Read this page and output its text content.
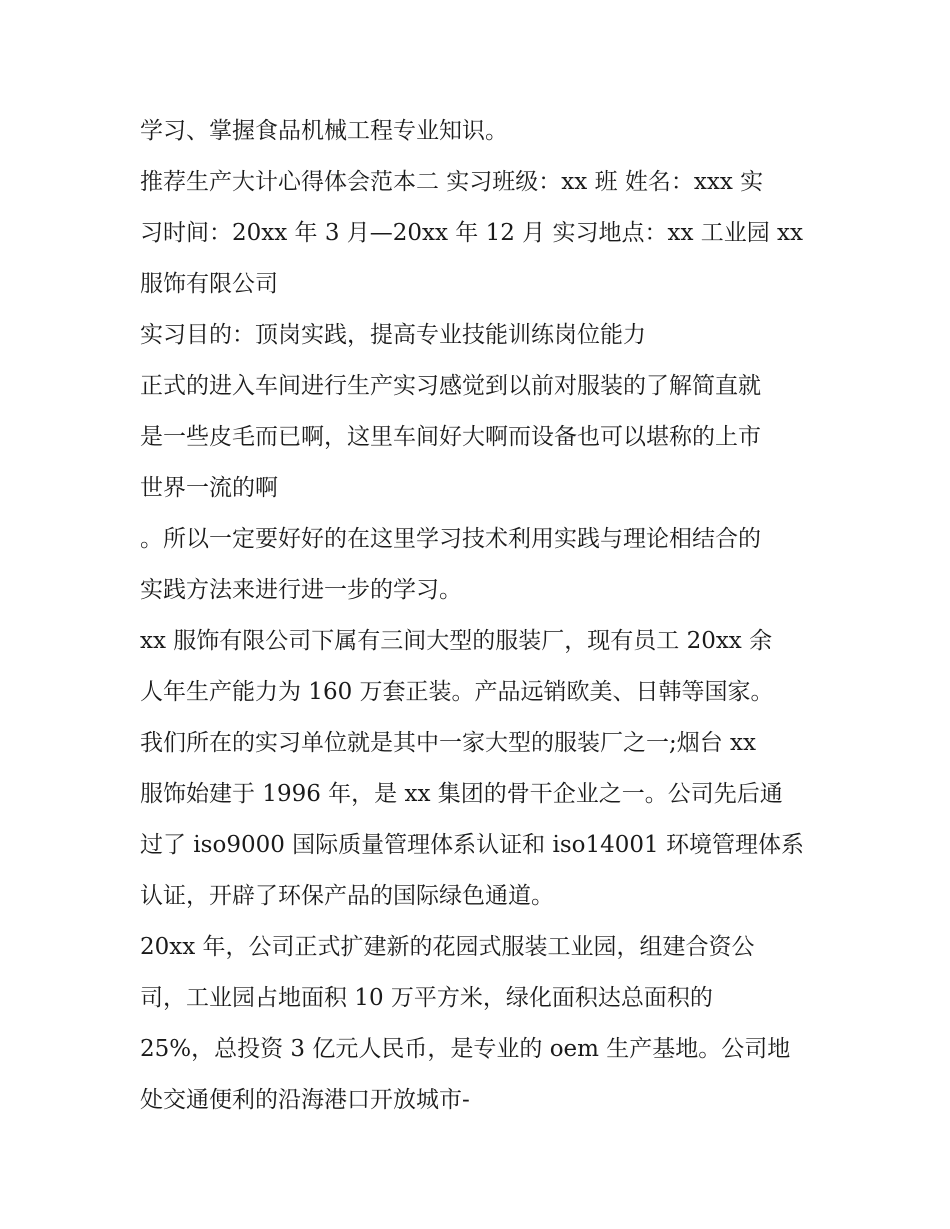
学习、掌握食品机械工程专业知识。
推荐生产大计心得体会范本二 实习班级：xx 班 姓名：xxx 实
习时间：20xx 年 3 月—20xx 年 12 月 实习地点：xx 工业园 xx
服饰有限公司
实习目的：顶岗实践，提高专业技能训练岗位能力
正式的进入车间进行生产实习感觉到以前对服装的了解简直就
是一些皮毛而已啊，这里车间好大啊而设备也可以堪称的上市
世界一流的啊
。所以一定要好好的在这里学习技术利用实践与理论相结合的
实践方法来进行进一步的学习。
xx 服饰有限公司下属有三间大型的服装厂，现有员工 20xx 余
人年生产能力为 160 万套正装。产品远销欧美、日韩等国家。
我们所在的实习单位就是其中一家大型的服装厂之一;烟台 xx
服饰始建于 1996 年，是 xx 集团的骨干企业之一。公司先后通
过了 iso9000 国际质量管理体系认证和 iso14001 环境管理体系
认证，开辟了环保产品的国际绿色通道。
20xx 年，公司正式扩建新的花园式服装工业园，组建合资公
司，工业园占地面积 10 万平方米，绿化面积达总面积的
25%，总投资 3 亿元人民币，是专业的 oem 生产基地。公司地
处交通便利的沿海港口开放城市-
